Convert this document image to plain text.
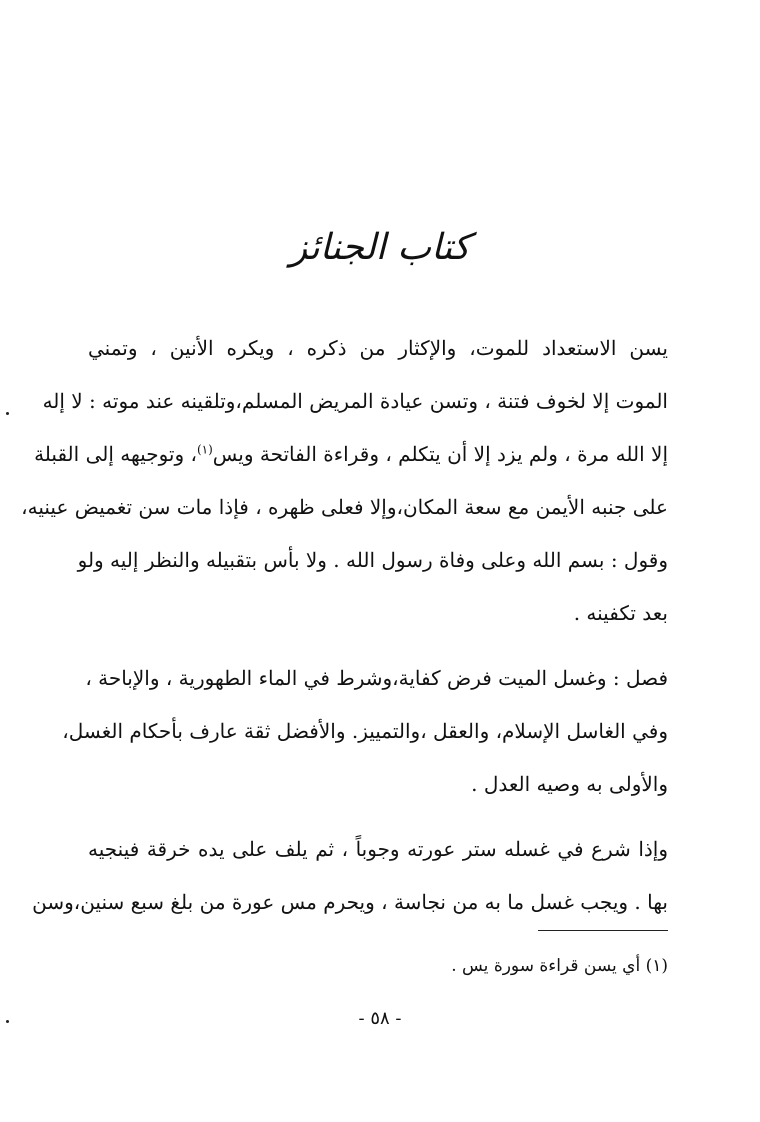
كتاب الجنائز
يسن الاستعداد للموت، والإكثار من ذكره ، ويكره الأنين ، وتمني
الموت إلا لخوف فتنة ، وتسن عيادة المريض المسلم،وتلقينه عند موته : لا إله
إلا الله مرة ، ولم يزد إلا أن يتكلم ، وقراءة الفاتحة ويس$^{(١)}$، وتوجيهه إلى القبلة
على جنبه الأيمن مع سعة المكان،وإلا فعلى ظهره ، فإذا مات سن تغميض عينيه،
وقول : بسم الله وعلى وفاة رسول الله . ولا بأس بتقبيله والنظر إليه ولو
بعد تكفينه .
فصل : وغسل الميت فرض كفاية،وشرط في الماء الطهورية ، والإباحة ،
وفي الغاسل الإسلام، والعقل ،والتمييز. والأفضل ثقة عارف بأحكام الغسل،
والأولى به وصيه العدل .
وإذا شرع في غسله ستر عورته وجوباً ، ثم يلف على يده خرقة فينجيه
بها . ويجب غسل ما به من نجاسة ، ويحرم مس عورة من بلغ سبع سنين،وسن
(١) أي يسن قراءة سورة يس .
- ٥٨ -
